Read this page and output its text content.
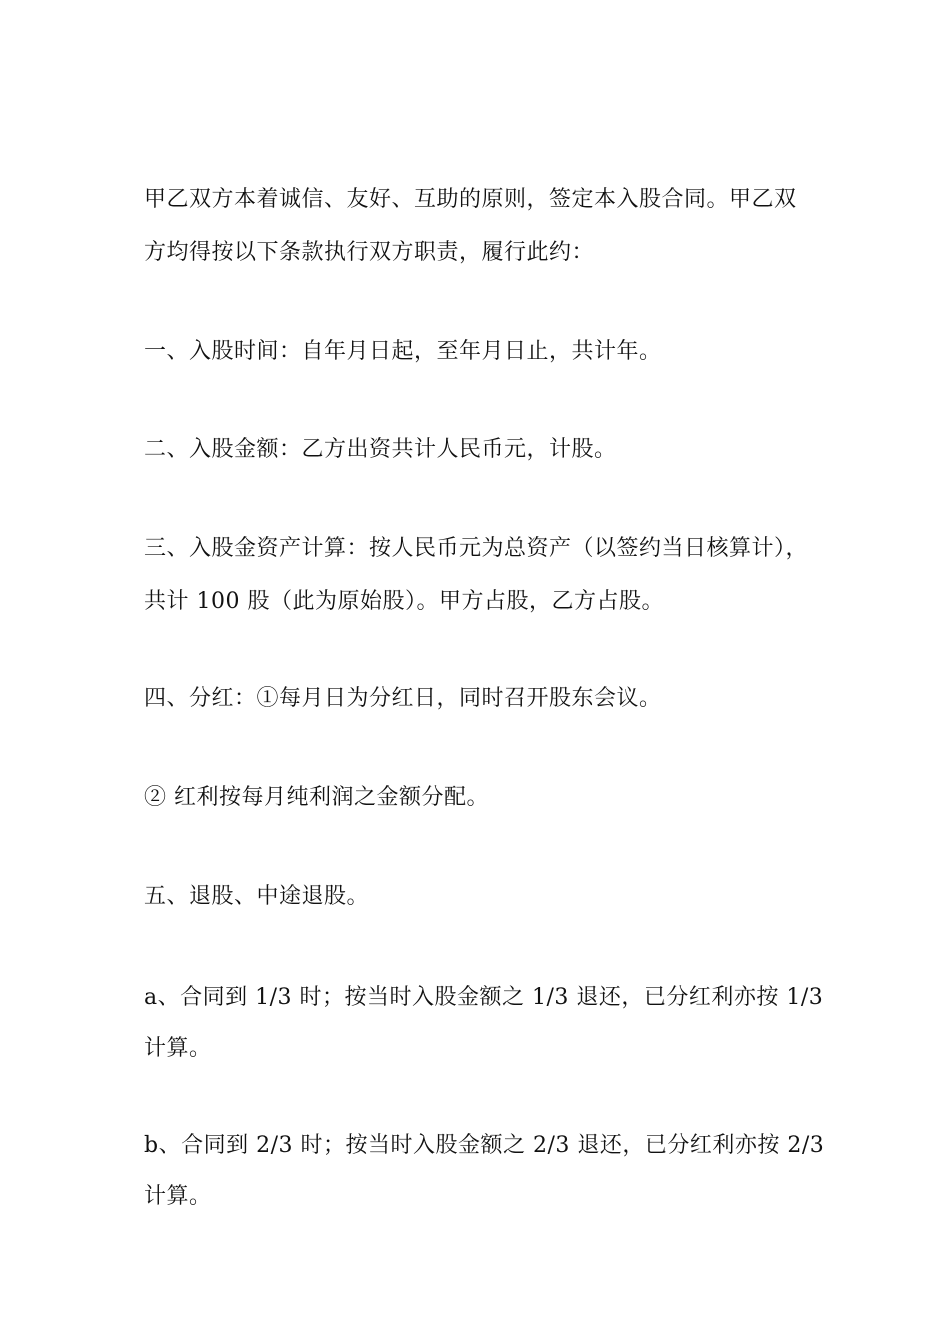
甲乙双方本着诚信、友好、互助的原则，签定本入股合同。甲乙双
方均得按以下条款执行双方职责，履行此约：
一、入股时间：自年月日起，至年月日止，共计年。
二、入股金额：乙方出资共计人民币元，计股。
三、入股金资产计算：按人民币元为总资产（以签约当日核算计），
共计 100 股（此为原始股）。甲方占股，乙方占股。
四、分红：①每月日为分红日，同时召开股东会议。
② 红利按每月纯利润之金额分配。
五、退股、中途退股。
a、合同到 1/3 时；按当时入股金额之 1/3 退还，已分红利亦按 1/3
计算。
b、合同到 2/3 时；按当时入股金额之 2/3 退还，已分红利亦按 2/3
计算。
